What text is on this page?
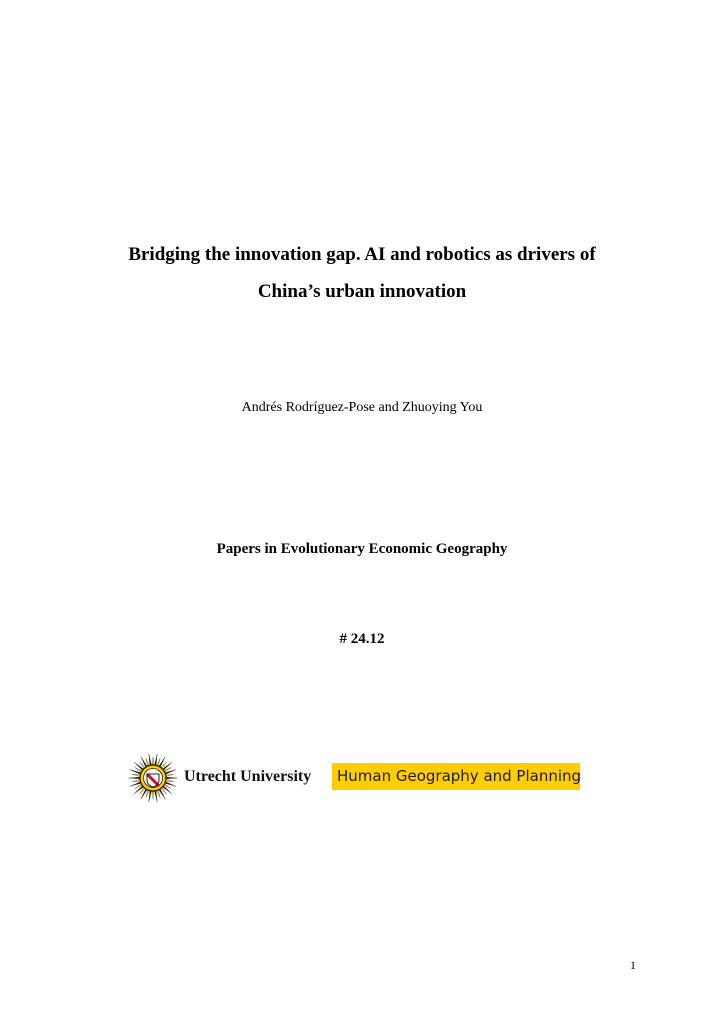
Bridging the innovation gap. AI and robotics as drivers of
China’s urban innovation
Andrés Rodríguez-Pose and Zhuoying You
Papers in Evolutionary Economic Geography
# 24.12
Utrecht University Human Geography and Planning
1
